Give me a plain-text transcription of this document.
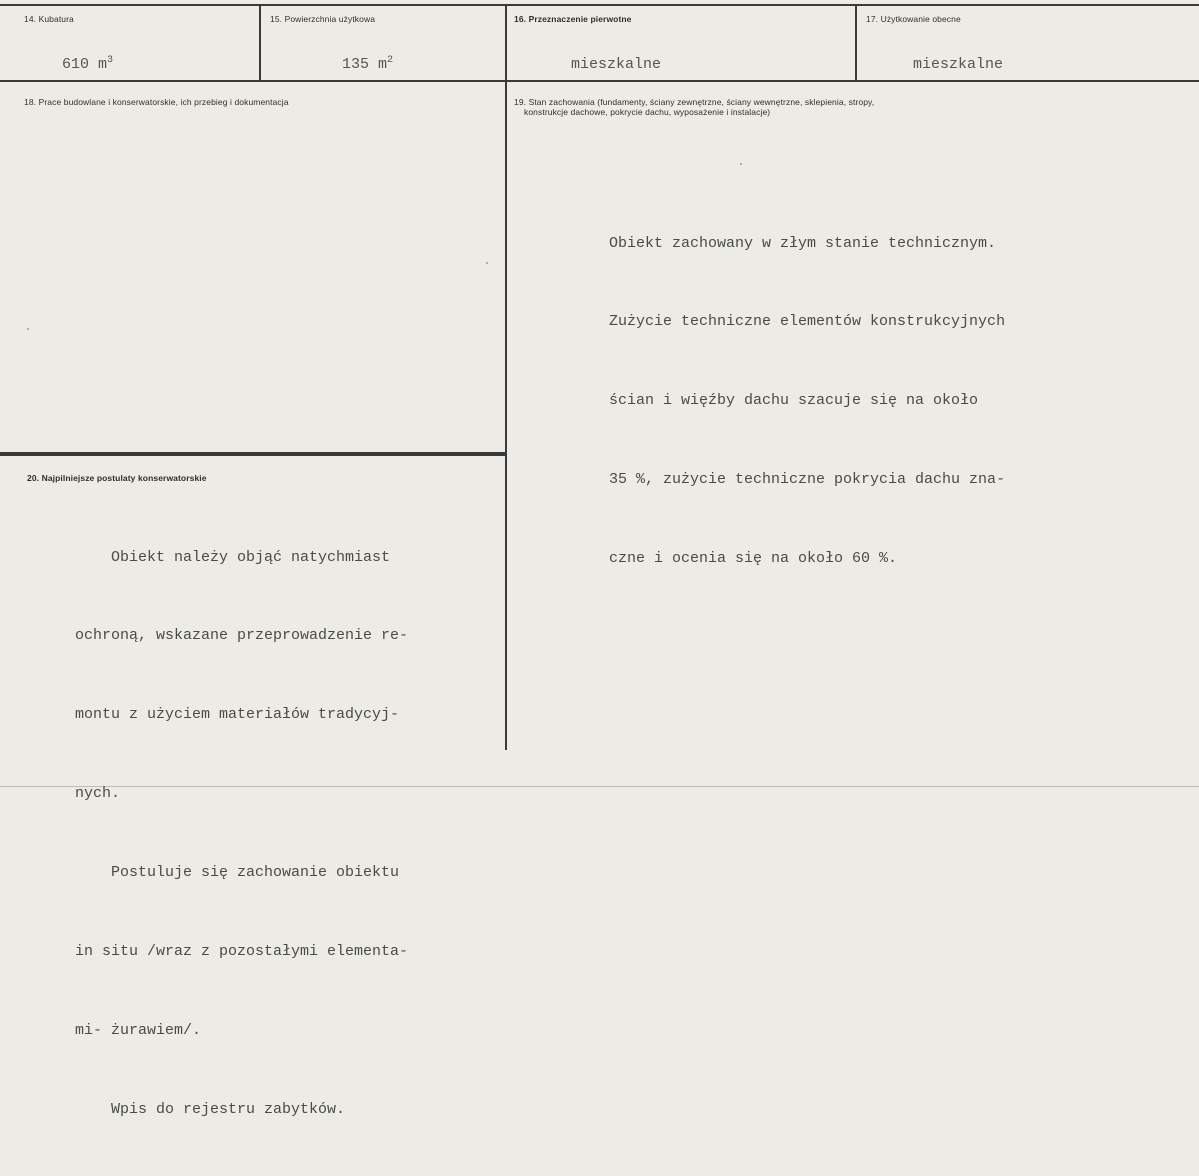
14. Kubatura
610 $m^3$
15. Powierzchnia użytkowa
135 $m^2$
16. Przeznaczenie pierwotne
mieszkalne
17. Użytkowanie obecne
mieszkalne
18. Prace budowlane i konserwatorskie, ich przebieg i dokumentacja	19. Stan zachowania (fundamenty, ściany zewnętrzne, ściany wewnętrzne, sklepienia, stropy,
konstrukcje dachowe, pokrycie dachu, wyposażenie i instalacje)

Obiekt zachowany w złym stanie technicznym.

Zużycie techniczne elementów konstrukcyjnych

ścian i więźby dachu szacuje się na około

35 %, zużycie techniczne pokrycia dachu zna-

czne i ocenia się na około 60 %.

20. Najpilniejsze postulaty konserwatorskie

Obiekt należy objąć natychmiast

ochroną, wskazane przeprowadzenie re-

montu z użyciem materiałów tradycyj-

nych.

Postuluje się zachowanie obiektu

in situ /wraz z pozostałymi elementa-

mi- żurawiem/.

Wpis do rejestru zabytków.
